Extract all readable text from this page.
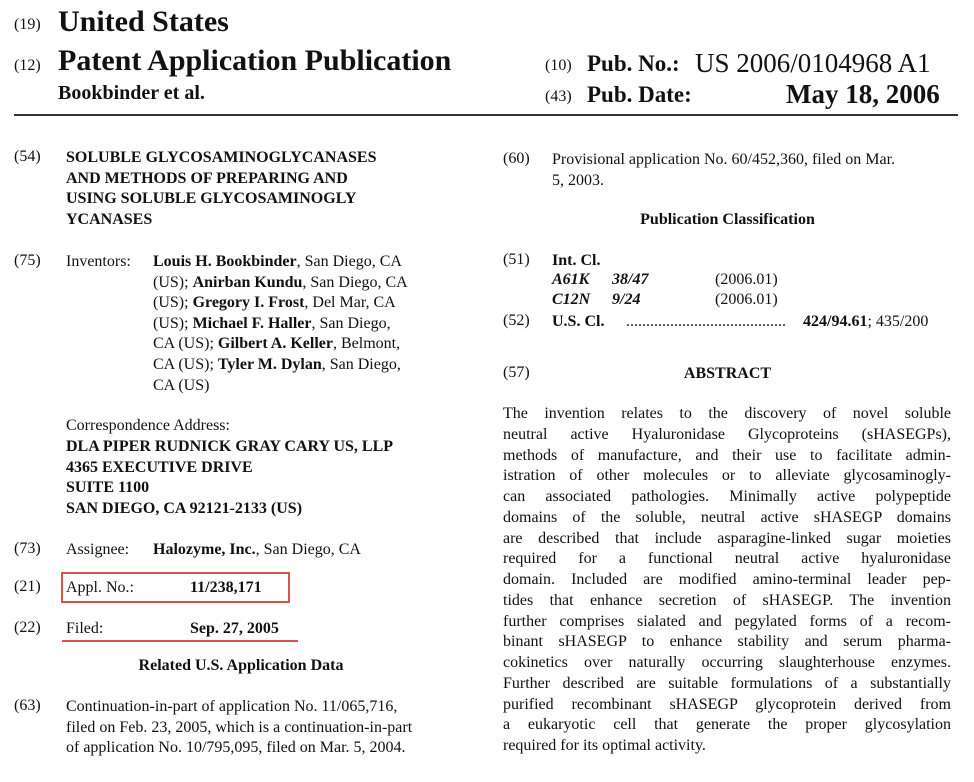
(19) United States
(12) Patent Application Publication
Bookbinder et al.
(10) Pub. No.: US 2006/0104968 A1
(43) Pub. Date:	May 18, 2006
(54) SOLUBLE GLYCOSAMINOGLYCANASES
AND METHODS OF PREPARING AND
USING SOLUBLE GLYCOSAMINOGLY
YCANASES
(75) Inventors: Louis H. Bookbinder, San Diego, CA
(US); Anirban Kundu, San Diego, CA
(US); Gregory I. Frost, Del Mar, CA
(US); Michael F. Haller, San Diego,
CA (US); Gilbert A. Keller, Belmont,
CA (US); Tyler M. Dylan, San Diego,
CA (US)
Correspondence Address:
DLA PIPER RUDNICK GRAY CARY US, LLP
4365 EXECUTIVE DRIVE
SUITE 1100
SAN DIEGO, CA 92121-2133 (US)
(73) Assignee: Halozyme, Inc., San Diego, CA
(21) Appl. No.:	11/238,171
(22) Filed:	Sep. 27, 2005
Related U.S. Application Data
(63) Continuation-in-part of application No. 11/065,716,
filed on Feb. 23, 2005, which is a continuation-in-part
of application No. 10/795,095, filed on Mar. 5, 2004.
(60) Provisional application No. 60/452,360, filed on Mar.
5, 2003.
Publication Classification
(51) Int. Cl.
A61K 38/47	(2006.01)
C12N 9/24	(2006.01)
(52) U.S. Cl. ........................................ 424/94.61; 435/200
(57)	ABSTRACT
The invention relates to the discovery of novel soluble
neutral active Hyaluronidase Glycoproteins (sHASEGPs),
methods of manufacture, and their use to facilitate admin-
istration of other molecules or to alleviate glycosaminogly-
can associated pathologies. Minimally active polypeptide
domains of the soluble, neutral active sHASEGP domains
are described that include asparagine-linked sugar moieties
required for a functional neutral active hyaluronidase
domain. Included are modified amino-terminal leader pep-
tides that enhance secretion of sHASEGP. The invention
further comprises sialated and pegylated forms of a recom-
binant sHASEGP to enhance stability and serum pharma-
cokinetics over naturally occurring slaughterhouse enzymes.
Further described are suitable formulations of a substantially
purified recombinant sHASEGP glycoprotein derived from
a eukaryotic cell that generate the proper glycosylation
required for its optimal activity.
